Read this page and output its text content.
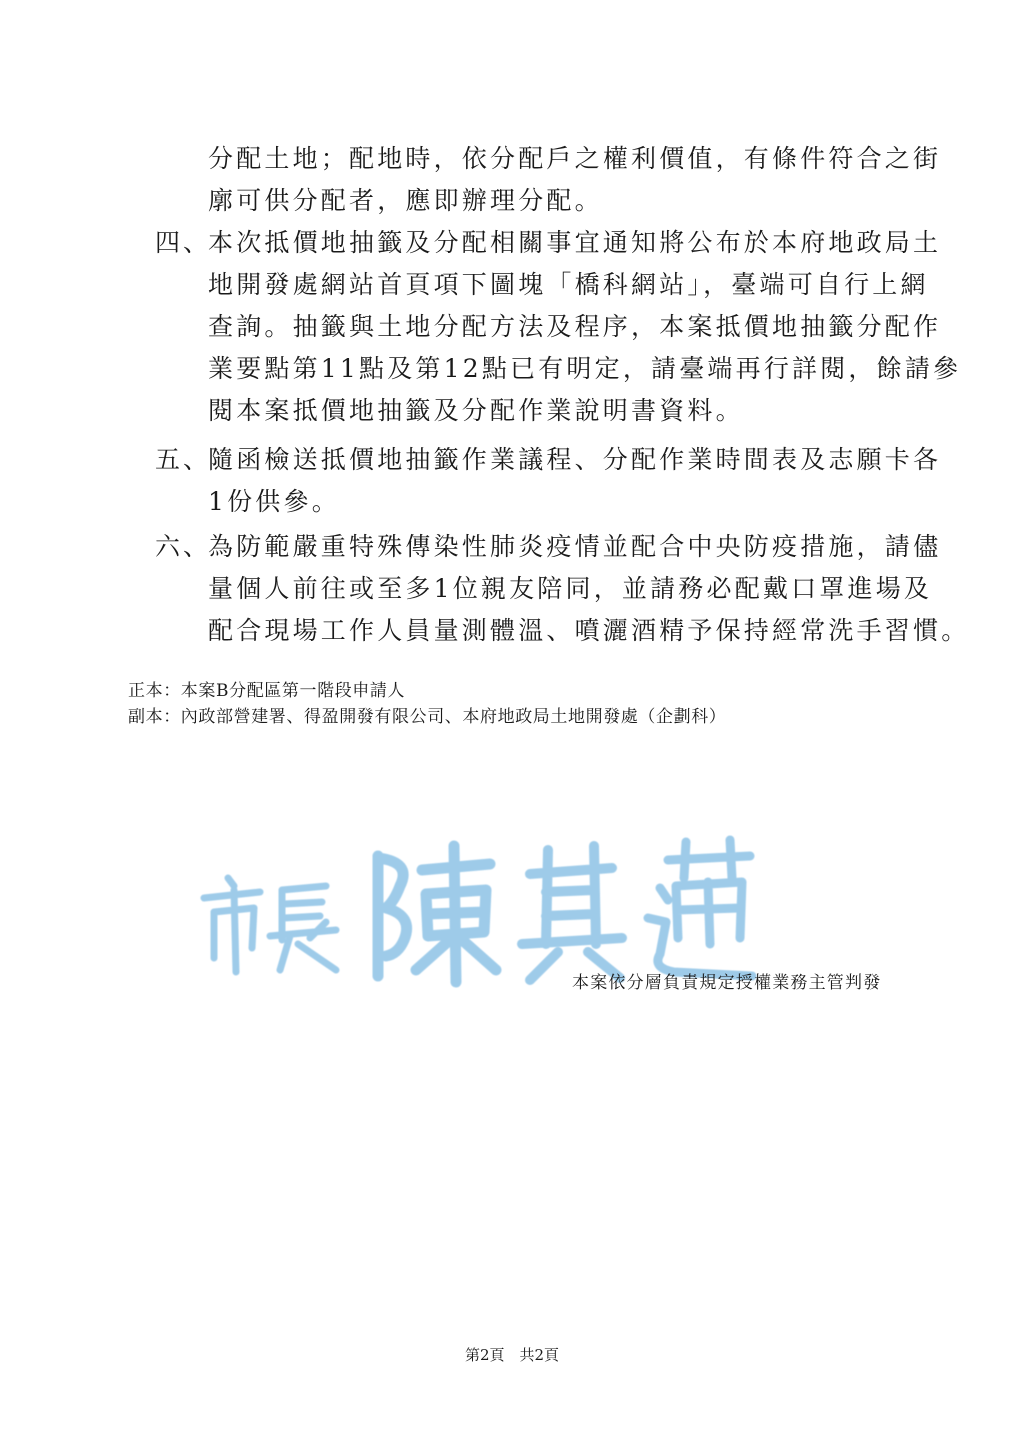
分配土地；配地時，依分配戶之權利價值，有條件符合之街
廓可供分配者，應即辦理分配。
四、
本次抵價地抽籤及分配相關事宜通知將公布於本府地政局土
地開發處網站首頁項下圖塊「橋科網站」，臺端可自行上網
查詢。抽籤與土地分配方法及程序，本案抵價地抽籤分配作
業要點第11點及第12點已有明定，請臺端再行詳閱，餘請參
閱本案抵價地抽籤及分配作業說明書資料。
五、
隨函檢送抵價地抽籤作業議程、分配作業時間表及志願卡各
1份供參。
六、
為防範嚴重特殊傳染性肺炎疫情並配合中央防疫措施，請儘
量個人前往或至多1位親友陪同，並請務必配戴口罩進場及
配合現場工作人員量測體溫、噴灑酒精予保持經常洗手習慣。
正本：本案B分配區第一階段申請人
副本：內政部營建署、得盈開發有限公司、本府地政局土地開發處（企劃科）
本案依分層負責規定授權業務主管判發
第2頁　共2頁
